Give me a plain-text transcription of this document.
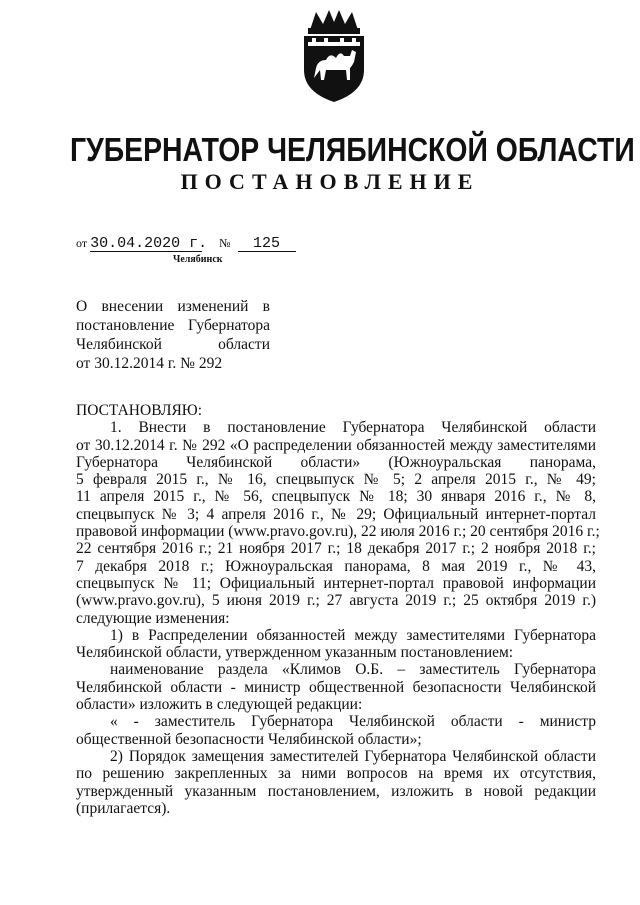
ГУБЕРНАТОР ЧЕЛЯБИНСКОЙ ОБЛАСТИ
ПОСТАНОВЛЕНИЕ
от 30.04.2020 г. № 125
Челябинск
О внесении изменений в
постановление Губернатора
Челябинской области
от 30.12.2014 г. № 292

ПОСТАНОВЛЯЮ:

1. Внести в постановление Губернатора Челябинской области
от 30.12.2014 г. № 292 «О распределении обязанностей между заместителями
Губернатора Челябинской области» (Южноуральская панорама,
5 февраля 2015 г., № 16, спецвыпуск № 5; 2 апреля 2015 г., № 49;
11 апреля 2015 г., № 56, спецвыпуск № 18; 30 января 2016 г., № 8,
спецвыпуск № 3; 4 апреля 2016 г., № 29; Официальный интернет-портал
правовой информации (www.pravo.gov.ru), 22 июля 2016 г.; 20 сентября 2016 г.;
22 сентября 2016 г.; 21 ноября 2017 г.; 18 декабря 2017 г.; 2 ноября 2018 г.;
7 декабря 2018 г.; Южноуральская панорама, 8 мая 2019 г., № 43,
спецвыпуск № 11; Официальный интернет-портал правовой информации
(www.pravo.gov.ru), 5 июня 2019 г.; 27 августа 2019 г.; 25 октября 2019 г.)
следующие изменения:
1) в Распределении обязанностей между заместителями Губернатора
Челябинской области, утвержденном указанным постановлением:
наименование раздела «Климов О.Б. – заместитель Губернатора
Челябинской области - министр общественной безопасности Челябинской
области» изложить в следующей редакции:
« - заместитель Губернатора Челябинской области - министр
общественной безопасности Челябинской области»;
2) Порядок замещения заместителей Губернатора Челябинской области
по решению закрепленных за ними вопросов на время их отсутствия,
утвержденный указанным постановлением, изложить в новой редакции
(прилагается).
